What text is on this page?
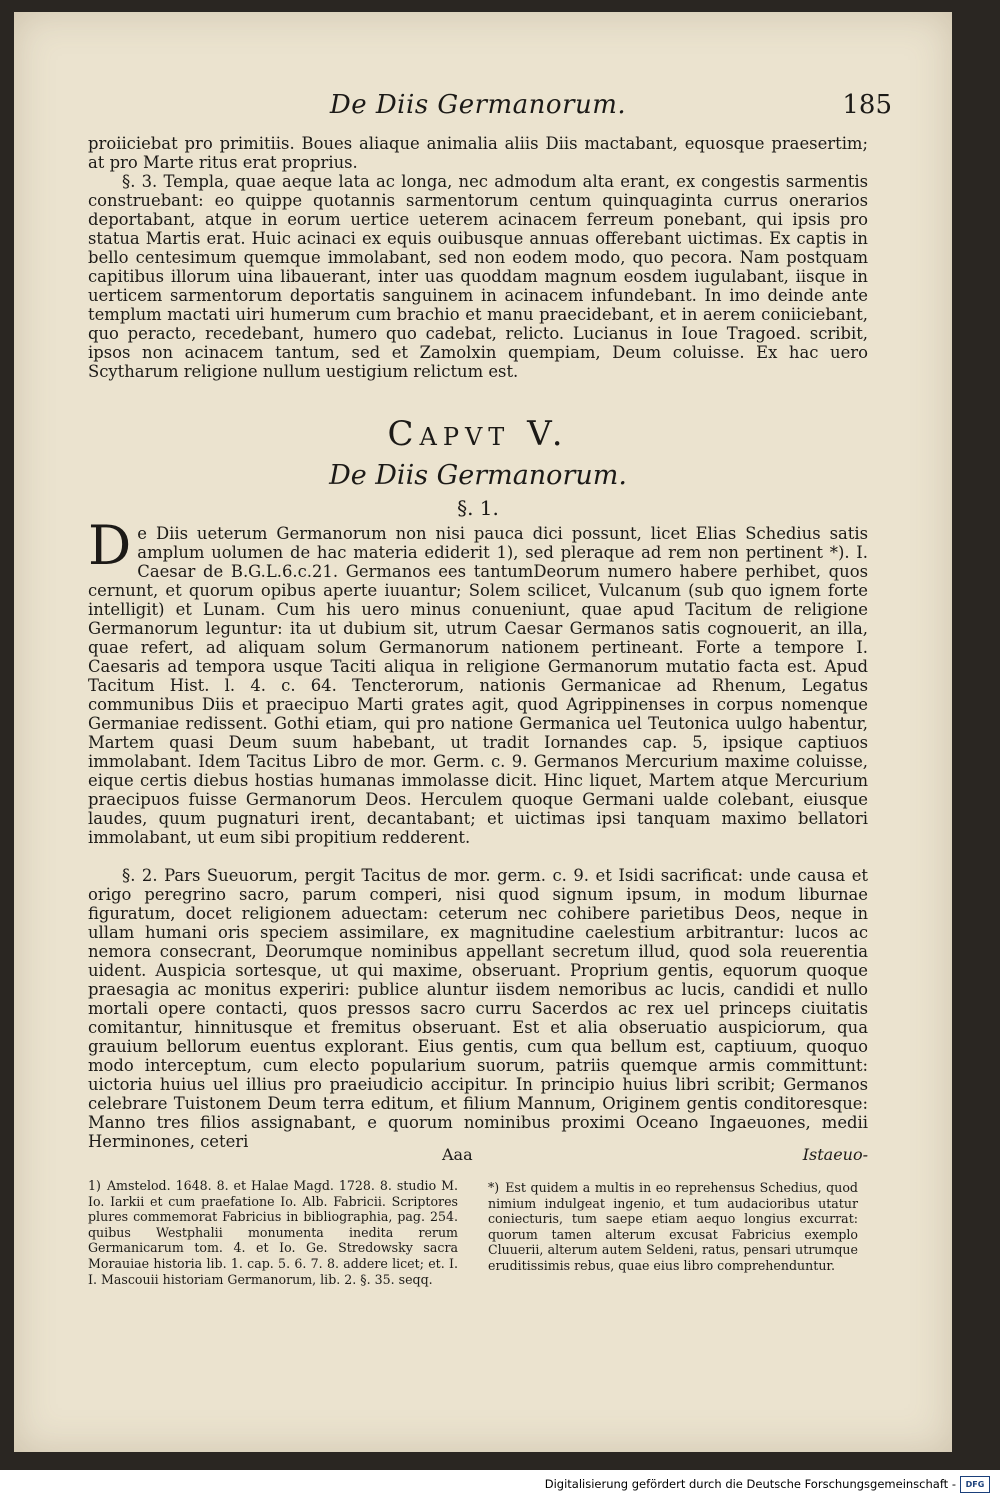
De Diis Germanorum.	185

proiiciebat pro primitiis. Boues aliaque animalia aliis Diis mactabant, equosque praesertim; at pro Marte ritus erat proprius.

§. 3. Templa, quae aeque lata ac longa, nec admodum alta erant, ex congestis sarmentis construebant: eo quippe quotannis sarmentorum centum quinquaginta currus onerarios deportabant, atque in eorum uertice ueterem acinacem ferreum ponebant, qui ipsis pro statua Martis erat. Huic acinaci ex equis ouibusque annuas offerebant uictimas. Ex captis in bello centesimum quemque immolabant, sed non eodem modo, quo pecora. Nam postquam capitibus illorum uina libauerant, inter uas quoddam magnum eosdem iugulabant, iisque in uerticem sarmentorum deportatis sanguinem in acinacem infundebant. In imo deinde ante templum mactati uiri humerum cum brachio et manu praecidebant, et in aerem coniiciebant, quo peracto, recedebant, humero quo cadebat, relicto. Lucianus in Ioue Tragoed. scribit, ipsos non acinacem tantum, sed et Zamolxin quempiam, Deum coluisse. Ex hac uero Scytharum religione nullum uestigium relictum est.

Capvt V.
De Diis Germanorum.
§. 1.

De Diis ueterum Germanorum non nisi pauca dici possunt, licet Elias Schedius satis amplum uolumen de hac materia ediderit 1), sed pleraque ad rem non pertinent *). I. Caesar de B.G.L.6.c.21. Germanos ees tantumDeorum numero habere perhibet, quos cernunt, et quorum opibus aperte iuuantur; Solem scilicet, Vulcanum (sub quo ignem forte intelligit) et Lunam. Cum his uero minus conueniunt, quae apud Tacitum de religione Germanorum leguntur: ita ut dubium sit, utrum Caesar Germanos satis cognouerit, an illa, quae refert, ad aliquam solum Germanorum nationem pertineant. Forte a tempore I. Caesaris ad tempora usque Taciti aliqua in religione Germanorum mutatio facta est. Apud Tacitum Hist. l. 4. c. 64. Tencterorum, nationis Germanicae ad Rhenum, Legatus communibus Diis et praecipuo Marti grates agit, quod Agrippinenses in corpus nomenque Germaniae redissent. Gothi etiam, qui pro natione Germanica uel Teutonica uulgo habentur, Martem quasi Deum suum habebant, ut tradit Iornandes cap. 5, ipsique captiuos immolabant. Idem Tacitus Libro de mor. Germ. c. 9. Germanos Mercurium maxime coluisse, eique certis diebus hostias humanas immolasse dicit. Hinc liquet, Martem atque Mercurium praecipuos fuisse Germanorum Deos. Herculem quoque Germani ualde colebant, eiusque laudes, quum pugnaturi irent, decantabant; et uictimas ipsi tanquam maximo bellatori immolabant, ut eum sibi propitium redderent.

§. 2. Pars Sueuorum, pergit Tacitus de mor. germ. c. 9. et Isidi sacrificat: unde causa et origo peregrino sacro, parum comperi, nisi quod signum ipsum, in modum liburnae figuratum, docet religionem aduectam: ceterum nec cohibere parietibus Deos, neque in ullam humani oris speciem assimilare, ex magnitudine caelestium arbitrantur: lucos ac nemora consecrant, Deorumque nominibus appellant secretum illud, quod sola reuerentia uident. Auspicia sortesque, ut qui maxime, obseruant. Proprium gentis, equorum quoque praesagia ac monitus experiri: publice aluntur iisdem nemoribus ac lucis, candidi et nullo mortali opere contacti, quos pressos sacro curru Sacerdos ac rex uel princeps ciuitatis comitantur, hinnitusque et fremitus obseruant. Est et alia obseruatio auspiciorum, qua grauium bellorum euentus explorant. Eius gentis, cum qua bellum est, captiuum, quoquo modo interceptum, cum electo popularium suorum, patriis quemque armis committunt: uictoria huius uel illius pro praeiudicio accipitur. In principio huius libri scribit; Germanos celebrare Tuistonem Deum terra editum, et filium Mannum, Originem gentis conditoresque: Manno tres filios assignabant, e quorum nominibus proximi Oceano Ingaeuones, medii Herminones, ceteri

Aaa	Istaeuo-
1) Amstelod. 1648. 8. et Halae Magd. 1728. 8. studio M. Io. Iarkii et cum praefatione Io. Alb. Fabricii. Scriptores plures commemorat Fabricius in bibliographia, pag. 254. quibus Westphalii monumenta inedita rerum Germanicarum tom. 4. et Io. Ge. Stredowsky sacra Morauiae historia lib. 1. cap. 5. 6. 7. 8. addere licet; et. I. I. Mascouii historiam Germanorum, lib. 2. §. 35. seqq.
*) Est quidem a multis in eo reprehensus Schedius, quod nimium indulgeat ingenio, et tum audacioribus utatur coniecturis, tum saepe etiam aequo longius excurrat: quorum tamen alterum excusat Fabricius exemplo Cluuerii, alterum autem Seldeni, ratus, pensari utrumque eruditissimis rebus, quae eius libro comprehenduntur.
Digitalisierung gefördert durch die Deutsche Forschungsgemeinschaft -	DFG
